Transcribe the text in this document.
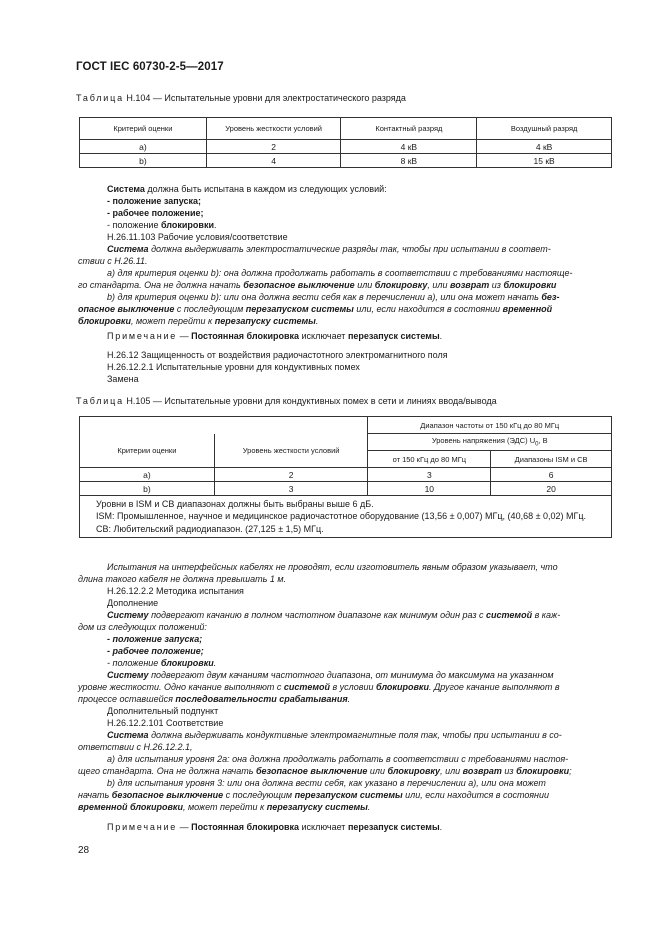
ГОСТ IEC 60730-2-5—2017
Таблица Н.104 — Испытательные уровни для электростатического разряда
Критерий оценки	Уровень жесткости условий	Контактный разряд	Воздушный разряд
a)	2	4 кВ	4 кВ
b)	4	8 кВ	15 кВ
Система должна быть испытана в каждом из следующих условий:
- положение запуска;
- рабочее положение;
- положение блокировки.
Н.26.11.103 Рабочие условия/соответствие
Система должна выдерживать электростатические разряды так, чтобы при испытании в соответ-
ствии с Н.26.11.
а) для критерия оценки b): она должна продолжать работать в соответствии с требованиями настояще-
го стандарта. Она не должна начать безопасное выключение или блокировку, или возврат из блокировки
b) для критерия оценки b): или она должна вести себя как в перечислении а), или она может начать без-
опасное выключение с последующим перезапуском системы или, если находится в состоянии временной
блокировки, может перейти к перезапуску системы.
Примечание — Постоянная блокировка исключает перезапуск системы.
Н.26.12 Защищенность от воздействия радиочастотного электромагнитного поля
Н.26.12.2.1 Испытательные уровни для кондуктивных помех
Замена
Таблица Н.105 — Испытательные уровни для кондуктивных помех в сети и линиях ввода/вывода
		Диапазон частоты от 150 кГц до 80 МГц	
Критерии оценки	Уровень жесткости условий	Уровень напряжения (ЭДС) $U_0$, В	
		от 150 кГц до 80 МГц	Диапазоны ISM и CB
a)	2	3	6
b)	3	10	20

Уровни в ISM и CB диапазонах должны быть выбраны выше 6 дБ.
ISM: Промышленное, научное и медицинское радиочастотное оборудование (13,56 ± 0,007) МГц, (40,68 ± 0,02) МГц.
СВ: Любительский радиодиапазон. (27,125 ± 1,5) МГц.			
Испытания на интерфейсных кабелях не проводят, если изготовитель явным образом указывает, что
длина такого кабеля не должна превышать 1 м.
Н.26.12.2.2 Методика испытания
Дополнение
Систему подвергают качанию в полном частотном диапазоне как минимум один раз с системой в каж-
дом из следующих положений:
- положение запуска;
- рабочее положение;
- положение блокировки.
Систему подвергают двум качаниям частотного диапазона, от минимума до максимума на указанном
уровне жесткости. Одно качание выполняют с системой в условии блокировки. Другое качание выполняют в
процессе оставшейся последовательности срабатывания.
Дополнительный подпункт
Н.26.12.2.101 Соответствие
Система должна выдерживать кондуктивные электромагнитные поля так, чтобы при испытании в со-
ответствии с Н.26.12.2.1,
а) для испытания уровня 2а: она должна продолжать работать в соответствии с требованиями настоя-
щего стандарта. Она не должна начать безопасное выключение или блокировку, или возврат из блокировки;
b) для испытания уровня 3: или она должна вести себя, как указано в перечислении а), или она может
начать безопасное выключение с последующим перезапуском системы или, если находится в состоянии
временной блокировки, может перейти к перезапуску системы.
Примечание — Постоянная блокировка исключает перезапуск системы.
28
